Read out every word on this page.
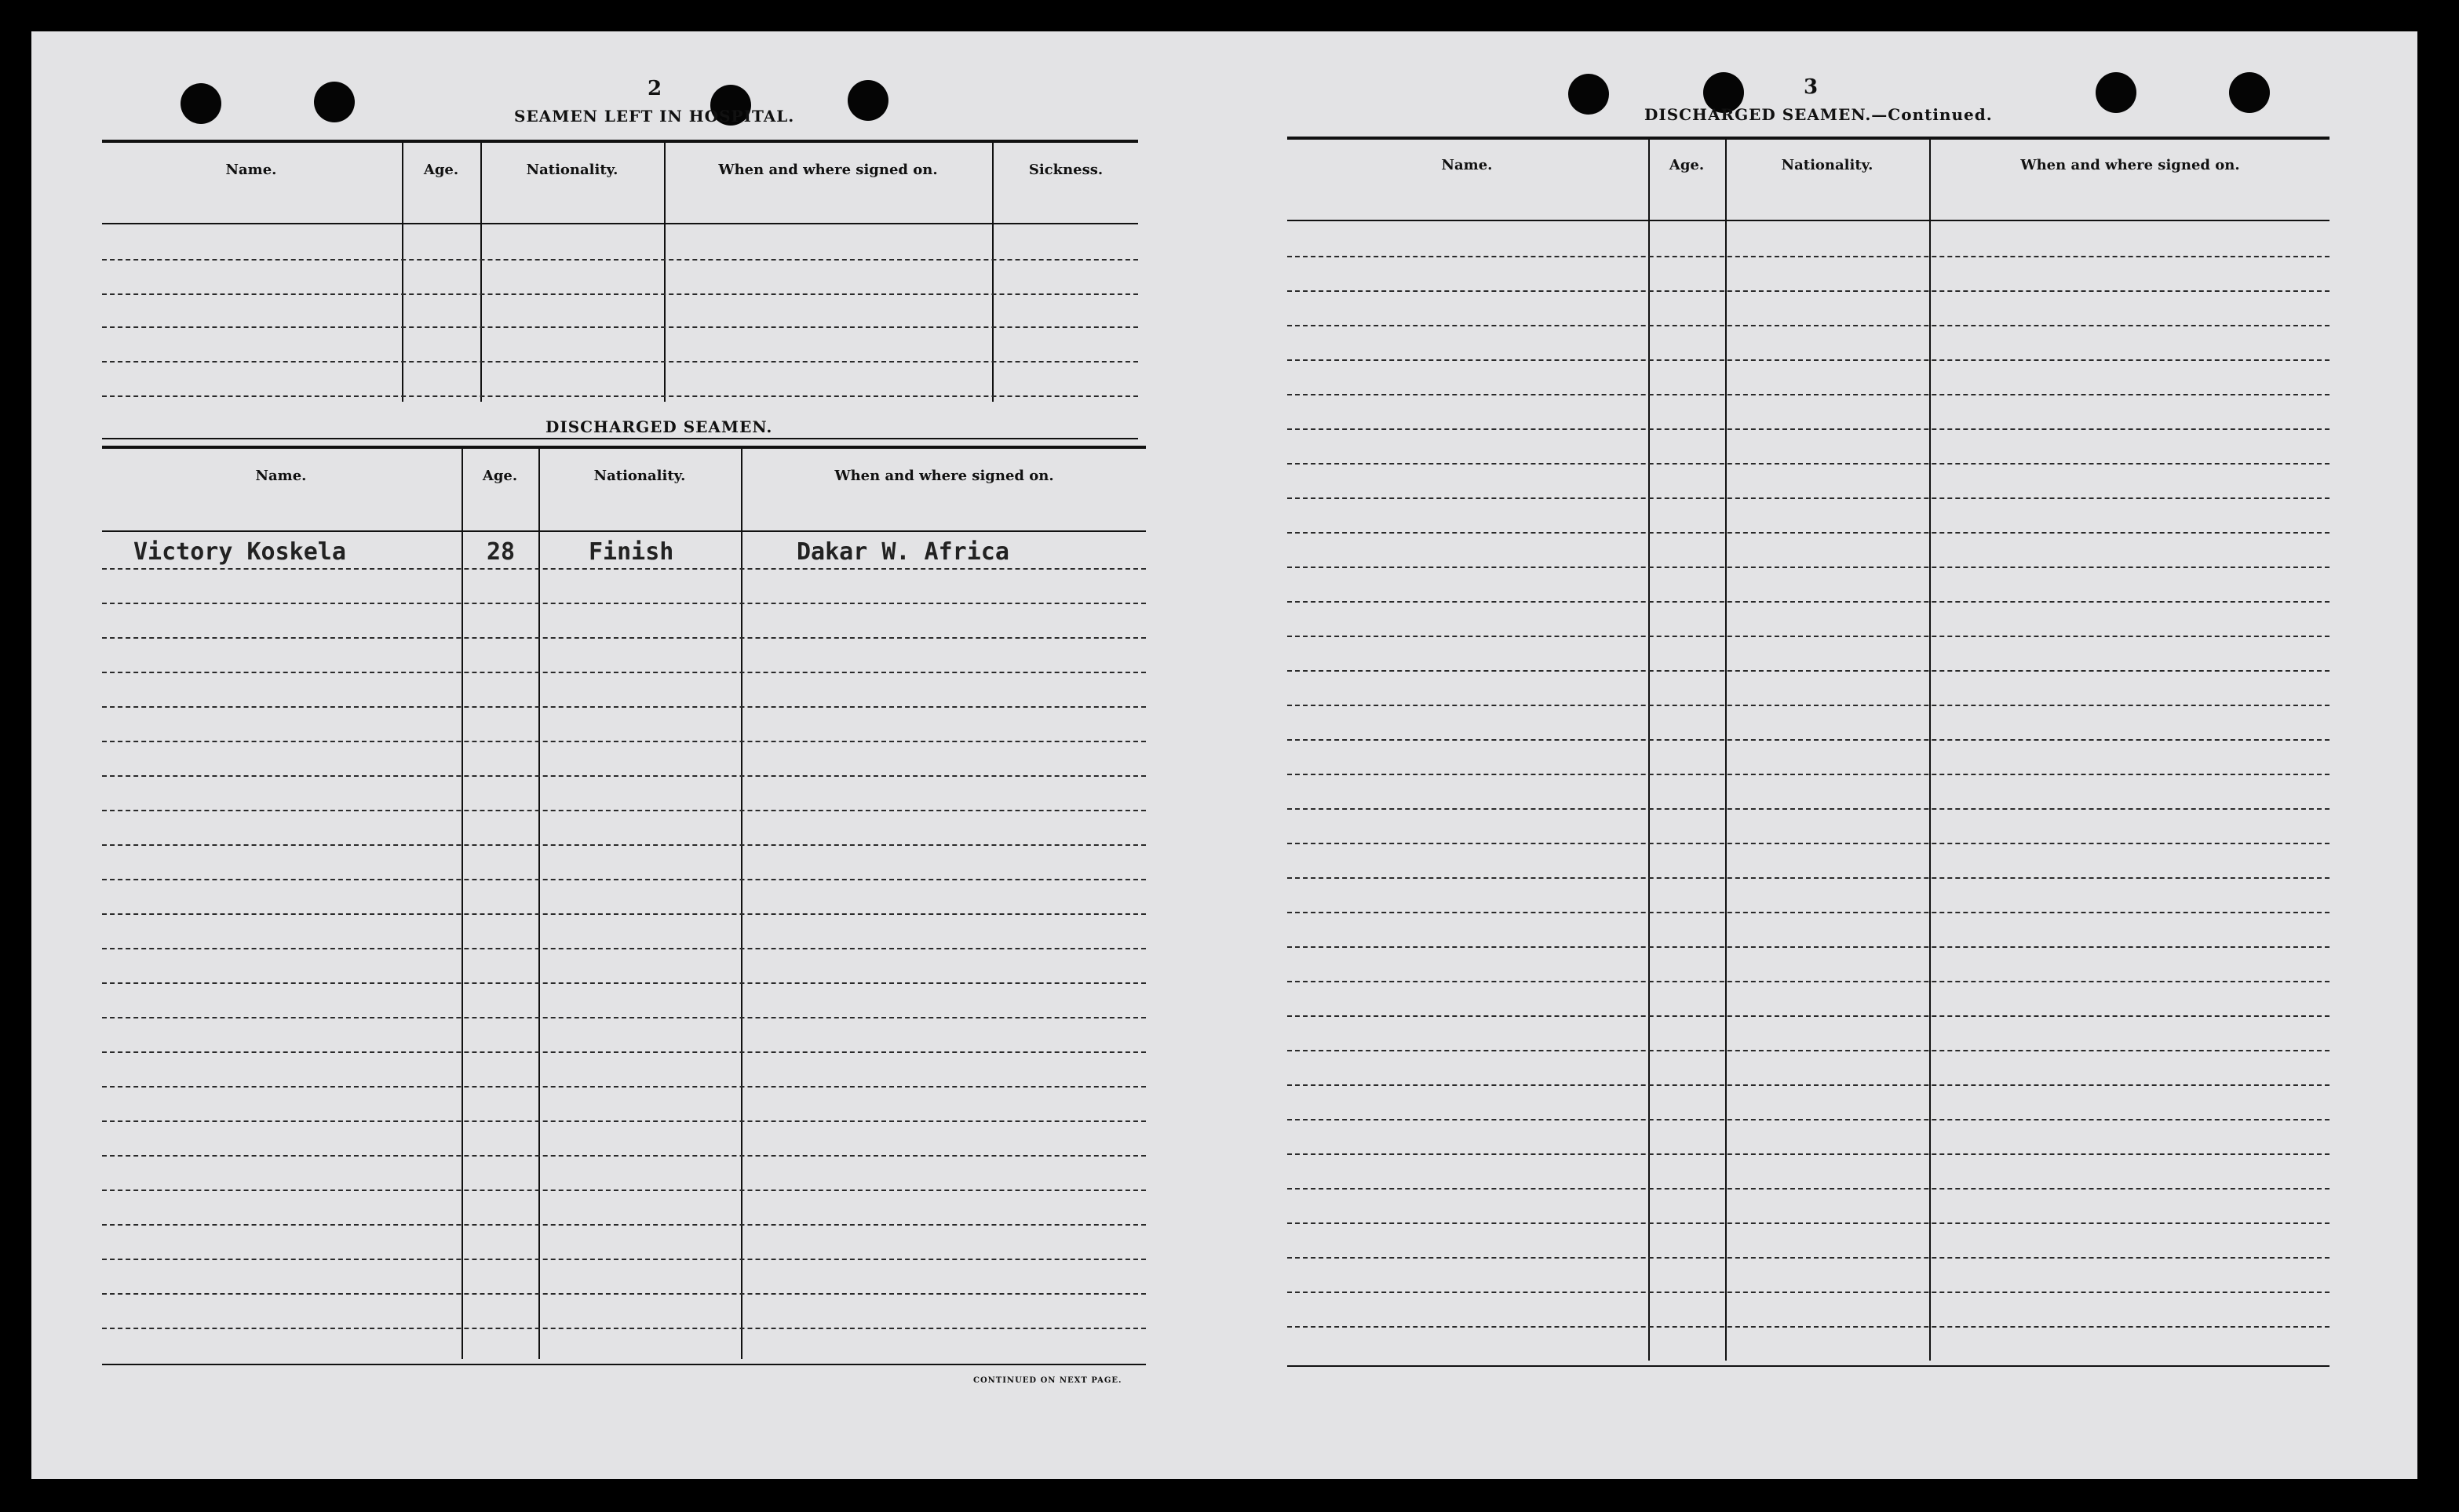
2
SEAMEN LEFT IN HOSPITAL.
Name.	Age.	Nationality.	When and where signed on.	Sickness.
DISCHARGED SEAMEN.
Name.	Age.	Nationality.	When and where signed on.
Victory Koskela	28	Finish	Dakar W. Africa
CONTINUED ON NEXT PAGE.
3
DISCHARGED SEAMEN.—Continued.
Name.	Age.	Nationality.	When and where signed on.
